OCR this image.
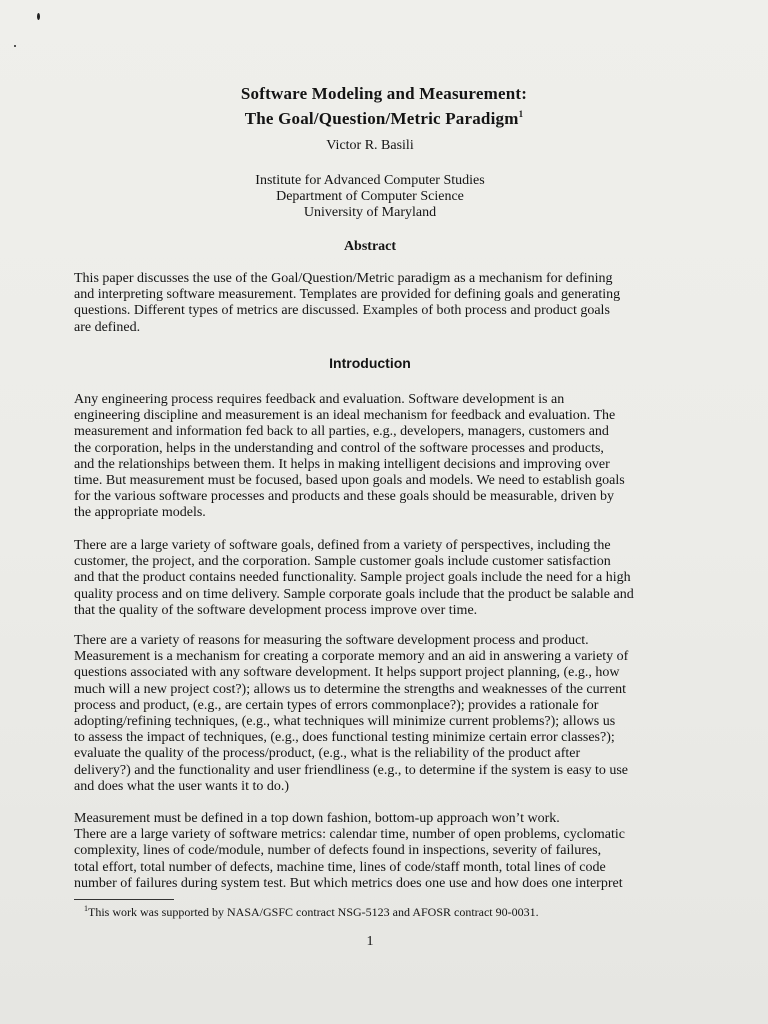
Software Modeling and Measurement:
The Goal/Question/Metric Paradigm$^1$
Victor R. Basili
Institute for Advanced Computer Studies
Department of Computer Science
University of Maryland
Abstract
This paper discusses the use of the Goal/Question/Metric paradigm as a mechanism for defining
and interpreting software measurement. Templates are provided for defining goals and generating
questions. Different types of metrics are discussed. Examples of both process and product goals
are defined.
Introduction
Any engineering process requires feedback and evaluation. Software development is an
engineering discipline and measurement is an ideal mechanism for feedback and evaluation. The
measurement and information fed back to all parties, e.g., developers, managers, customers and
the corporation, helps in the understanding and control of the software processes and products,
and the relationships between them. It helps in making intelligent decisions and improving over
time. But measurement must be focused, based upon goals and models. We need to establish goals
for the various software processes and products and these goals should be measurable, driven by
the appropriate models.
There are a large variety of software goals, defined from a variety of perspectives, including the
customer, the project, and the corporation. Sample customer goals include customer satisfaction
and that the product contains needed functionality. Sample project goals include the need for a high
quality process and on time delivery. Sample corporate goals include that the product be salable and
that the quality of the software development process improve over time.
There are a variety of reasons for measuring the software development process and product.
Measurement is a mechanism for creating a corporate memory and an aid in answering a variety of
questions associated with any software development. It helps support project planning, (e.g., how
much will a new project cost?); allows us to determine the strengths and weaknesses of the current
process and product, (e.g., are certain types of errors commonplace?); provides a rationale for
adopting/refining techniques, (e.g., what techniques will minimize current problems?); allows us
to assess the impact of techniques, (e.g., does functional testing minimize certain error classes?);
evaluate the quality of the process/product, (e.g., what is the reliability of the product after
delivery?) and the functionality and user friendliness (e.g., to determine if the system is easy to use
and does what the user wants it to do.)
Measurement must be defined in a top down fashion, bottom-up approach won’t work.
There are a large variety of software metrics: calendar time, number of open problems, cyclomatic
complexity, lines of code/module, number of defects found in inspections, severity of failures,
total effort, total number of defects, machine time, lines of code/staff month, total lines of code
number of failures during system test. But which metrics does one use and how does one interpret
$^1$This work was supported by NASA/GSFC contract NSG-5123 and AFOSR contract 90-0031.
1
